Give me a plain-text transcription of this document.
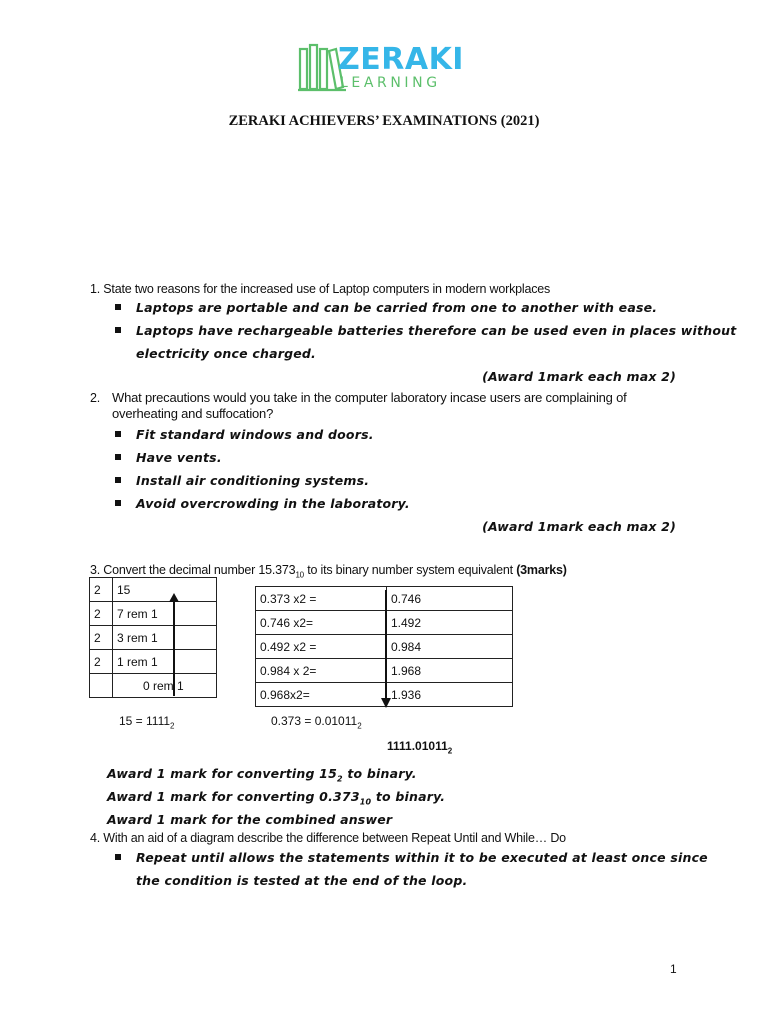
ZERAKI
LEARNING
ZERAKI ACHIEVERS’ EXAMINATIONS (2021)
1. State two reasons for the increased use of Laptop computers in modern workplaces
Laptops are portable and can be carried from one to another with ease.
Laptops have rechargeable batteries therefore can be used even in places without
electricity once charged.
(Award 1mark each max 2)
2. What precautions would you take in the computer laboratory incase users are complaining of
overheating and suffocation?
Fit standard windows and doors.
Have vents.
Install air conditioning systems.
Avoid overcrowding in the laboratory.
(Award 1mark each max 2)
3. Convert the decimal number $15.373_{10}$ to its binary number system equivalent (3marks)
2	15
2	7 rem 1
2	3 rem 1
2	1 rem 1
	0 rem 1
0.373 x2 =	0.746
0.746 x2=	1.492
0.492 x2 =	0.984
0.984 x 2=	1.968
0.968x2=	1.936
$15 = 1111_2$	$0.373 = 0.01011_2$
$1111.01011_2$
Award 1 mark for converting $15_2$ to binary.
Award 1 mark for converting $0.373_{10}$ to binary.
Award 1 mark for the combined answer
4. With an aid of a diagram describe the difference between Repeat Until and While… Do
Repeat until allows the statements within it to be executed at least once since
the condition is tested at the end of the loop.
1
